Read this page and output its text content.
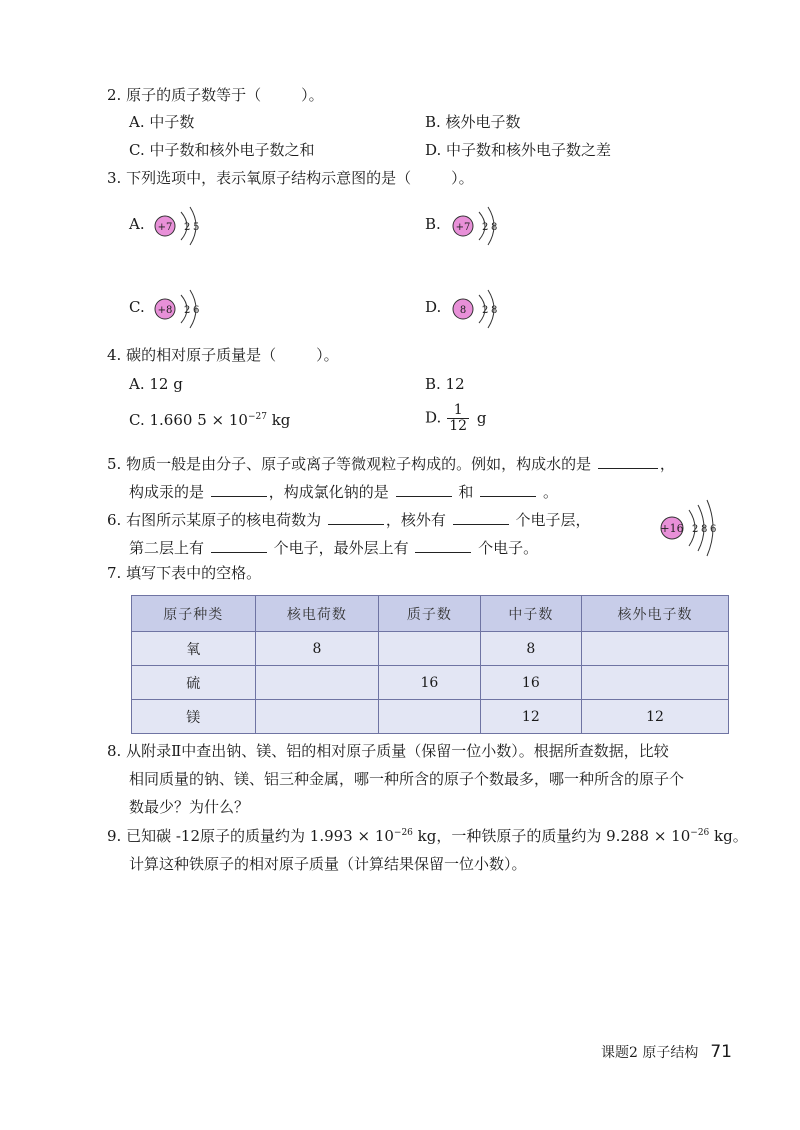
2. 原子的质子数等于（	）。
A. 中子数	B. 核外电子数
C. 中子数和核外电子数之和	D. 中子数和核外电子数之差
3. 下列选项中，表示氧原子结构示意图的是（	）。
A.	B.
C.	D.
+7 2 5	+7 2 8
+8 2 6	8 2 8
4. 碳的相对原子质量是（	）。
A. 12 g	B. 12
C. 1.660 $5 \times 10^{-27}$ kg	D. $\frac{1}{12}$ g
5. 物质一般是由分子、原子或离子等微观粒子构成的。例如，构成水的是	，
构成汞的是	，构成氯化钠的是	和	。
6. 右图所示某原子的核电荷数为	，核外有	个电子层，
第二层上有	个电子，最外层上有	个电子。
+16 2 8 6
7. 填写下表中的空格。
原子种类	核电荷数	质子数	中子数	核外电子数
氧	8		8	
硫		16	16	
镁			12	12
8. 从附录Ⅱ中查出钠、镁、铝的相对原子质量（保留一位小数）。根据所查数据，比较
相同质量的钠、镁、铝三种金属，哪一种所含的原子个数最多，哪一种所含的原子个
数最少？为什么？
9. 已知碳 -12原子的质量约为 $1.993 \times 10^{-26}$ kg，一种铁原子的质量约为 $9.288 \times 10^{-26}$ kg。
计算这种铁原子的相对原子质量（计算结果保留一位小数）。
课题2 原子结构 71
